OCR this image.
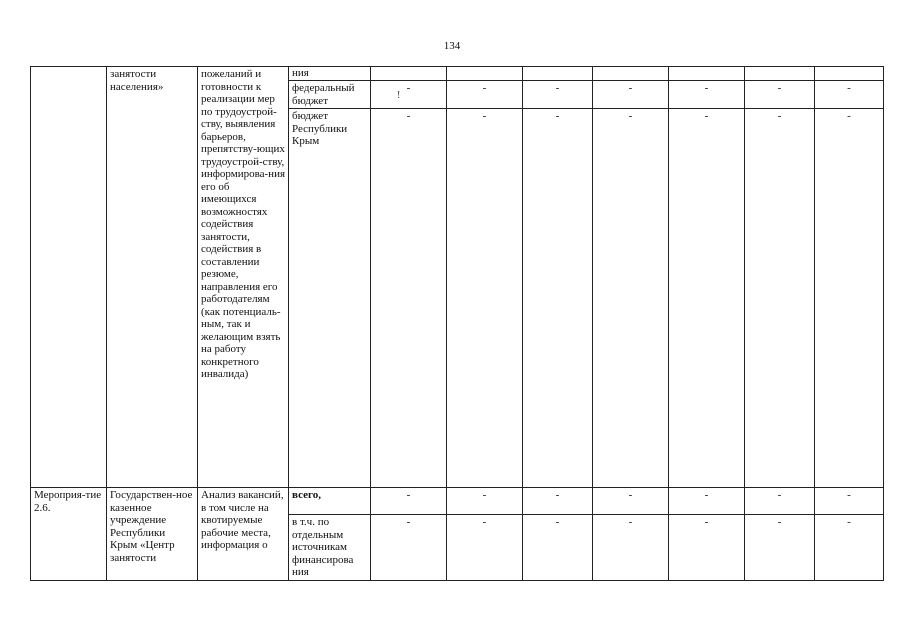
134
	занятости населения»	пожеланий и готовности к реализации мер по трудоустрой-ству, выявления барьеров, препятству-ющих трудоустрой-ству, информирова-ния его об имеющихся возможностях содействия занятости, содействия в составлении резюме, направления его работодателям (как потенциаль-ным, так и желающим взять на работу конкретного инвалида)	ния							
			федеральный бюджет	-	-	-	-	-	-	-
			бюджет Республики Крым	-	-	-	-	-	-	-
Мероприя-тие 2.6.	Государствен-ное казенное учреждение Республики Крым «Центр занятости	Анализ вакансий, в том числе на квотируемые рабочие места, информация о	всего,	-	-	-	-	-	-	-
			в т.ч. по отдельным источникам финансирова ния	-	-	-	-	-	-	-
!
